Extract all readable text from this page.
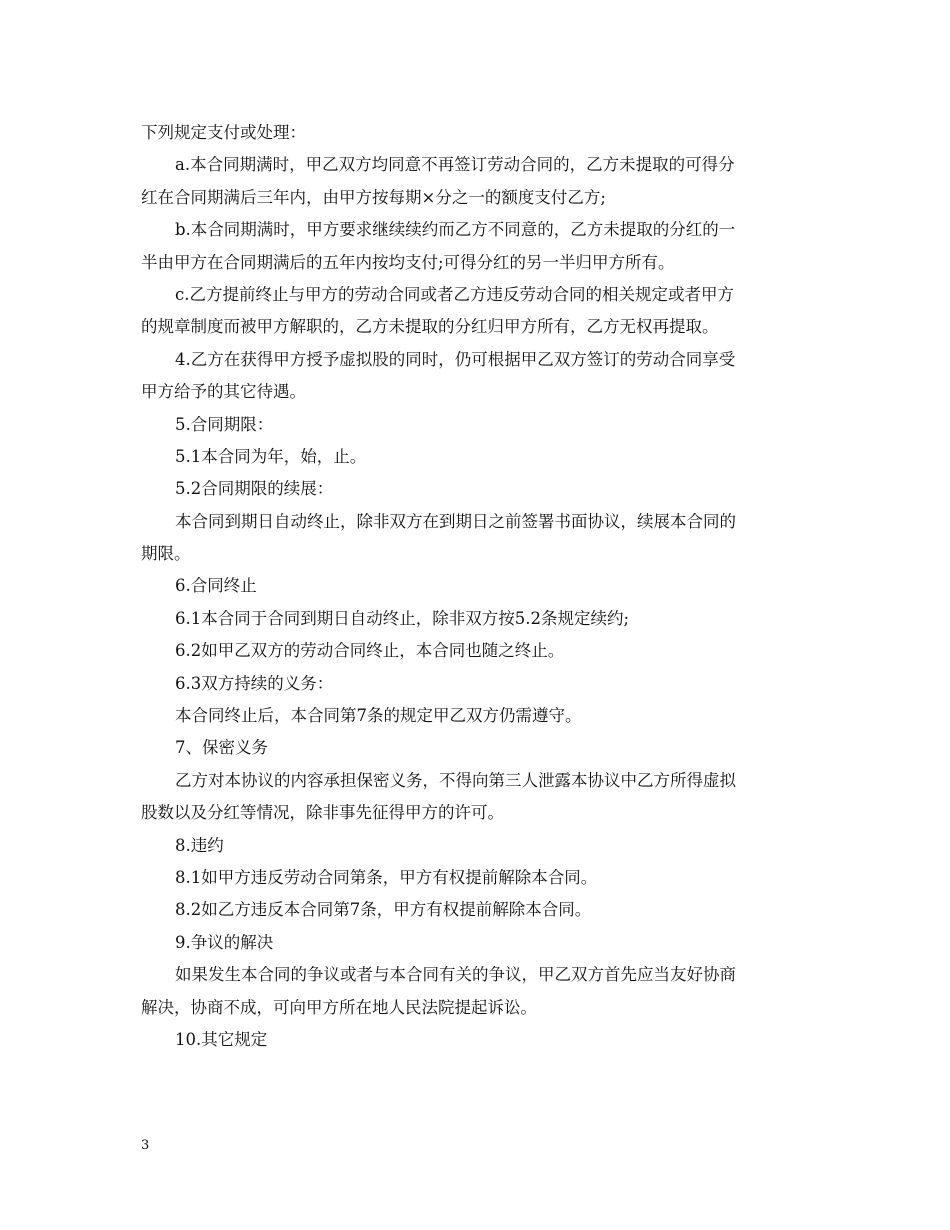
下列规定支付或处理：
a.本合同期满时，甲乙双方均同意不再签订劳动合同的，乙方未提取的可得分
红在合同期满后三年内，由甲方按每期×分之一的额度支付乙方;
b.本合同期满时，甲方要求继续续约而乙方不同意的，乙方未提取的分红的一
半由甲方在合同期满后的五年内按均支付;可得分红的另一半归甲方所有。
c.乙方提前终止与甲方的劳动合同或者乙方违反劳动合同的相关规定或者甲方
的规章制度而被甲方解职的，乙方未提取的分红归甲方所有，乙方无权再提取。
4.乙方在获得甲方授予虚拟股的同时，仍可根据甲乙双方签订的劳动合同享受
甲方给予的其它待遇。
5.合同期限：
5.1本合同为年，始，止。
5.2合同期限的续展：
本合同到期日自动终止，除非双方在到期日之前签署书面协议，续展本合同的
期限。
6.合同终止
6.1本合同于合同到期日自动终止，除非双方按5.2条规定续约;
6.2如甲乙双方的劳动合同终止，本合同也随之终止。
6.3双方持续的义务：
本合同终止后，本合同第7条的规定甲乙双方仍需遵守。
7、保密义务
乙方对本协议的内容承担保密义务，不得向第三人泄露本协议中乙方所得虚拟
股数以及分红等情况，除非事先征得甲方的许可。
8.违约
8.1如甲方违反劳动合同第条，甲方有权提前解除本合同。
8.2如乙方违反本合同第7条，甲方有权提前解除本合同。
9.争议的解决
如果发生本合同的争议或者与本合同有关的争议，甲乙双方首先应当友好协商
解决，协商不成，可向甲方所在地人民法院提起诉讼。
10.其它规定
3
